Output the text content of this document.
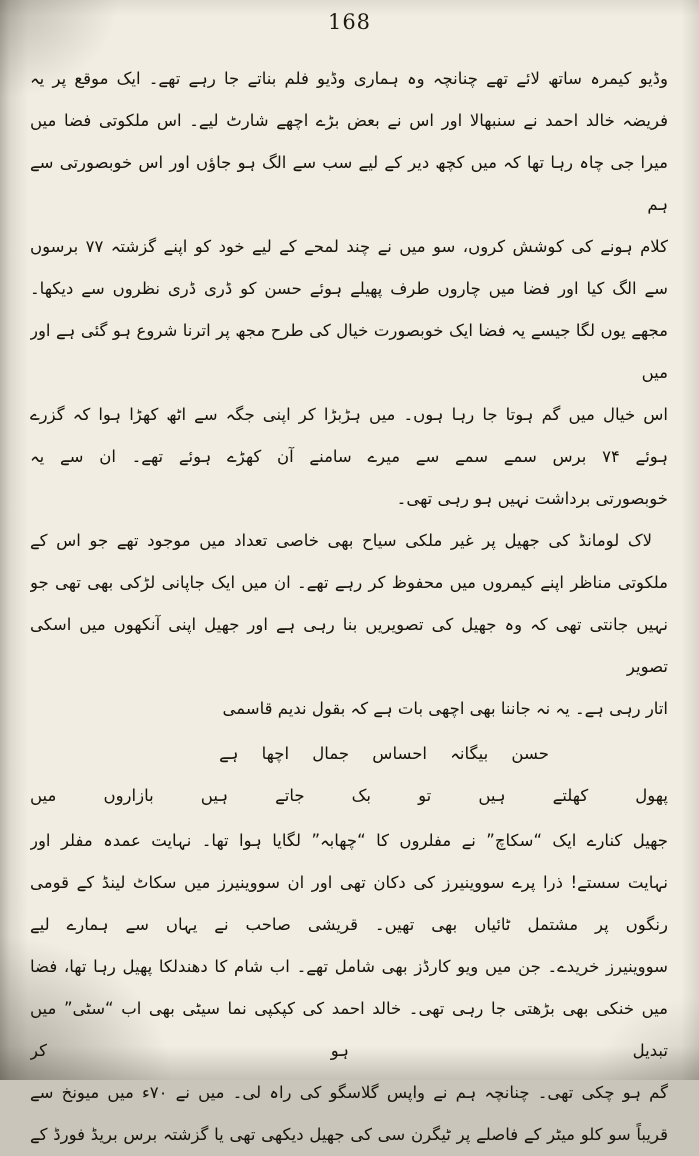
168
وڈیو کیمرہ ساتھ لائے تھے چنانچہ وہ ہماری وڈیو فلم بناتے جا رہے تھے۔ ایک موقع پر یہ
فریضہ خالد احمد نے سنبھالا اور اس نے بعض بڑے اچھے شارٹ لیے۔ اس ملکوتی فضا میں
میرا جی چاہ رہا تھا کہ میں کچھ دیر کے لیے سب سے الگ ہو جاؤں اور اس خوبصورتی سے ہم
کلام ہونے کی کوشش کروں، سو میں نے چند لمحے کے لیے خود کو اپنے گزشتہ ۷۷ برسوں
سے الگ کیا اور فضا میں چاروں طرف پھیلے ہوئے حسن کو ڈری ڈری نظروں سے دیکھا۔
مجھے یوں لگا جیسے یہ فضا ایک خوبصورت خیال کی طرح مجھ پر اترنا شروع ہو گئی ہے اور میں
اس خیال میں گم ہوتا جا رہا ہوں۔ میں ہڑبڑا کر اپنی جگہ سے اٹھ کھڑا ہوا کہ گزرے
ہوئے ۷۴ برس سمے سمے سے میرے سامنے آن کھڑے ہوئے تھے۔ ان سے یہ
خوبصورتی برداشت نہیں ہو رہی تھی۔
لاک لومانڈ کی جھیل پر غیر ملکی سیاح بھی خاصی تعداد میں موجود تھے جو اس کے
ملکوتی مناظر اپنے کیمروں میں محفوظ کر رہے تھے۔ ان میں ایک جاپانی لڑکی بھی تھی جو
نہیں جانتی تھی کہ وہ جھیل کی تصویریں بنا رہی ہے اور جھیل اپنی آنکھوں میں اسکی تصویر
اتار رہی ہے۔ یہ نہ جاننا بھی اچھی بات ہے کہ بقول ندیم قاسمی
حسن بیگانہ احساس جمال اچھا ہے
پھول کھلتے ہیں تو بک جاتے ہیں بازاروں میں
جھیل کنارے ایک “سکاچ” نے مفلروں کا “چھابہ” لگایا ہوا تھا۔ نہایت عمدہ مفلر اور
نہایت سستے! ذرا پرے سووینیرز کی دکان تھی اور ان سووینیرز میں سکاٹ لینڈ کے قومی
رنگوں پر مشتمل ٹائیاں بھی تھیں۔ قریشی صاحب نے یہاں سے ہمارے لیے
سووینیرز خریدے۔ جن میں ویو کارڈز بھی شامل تھے۔ اب شام کا دھندلکا پھیل رہا تھا، فضا
میں خنکی بھی بڑھتی جا رہی تھی۔ خالد احمد کی کپکپی نما سیٹی بھی اب “سٹی” میں تبدیل ہو کر
گم ہو چکی تھی۔ چنانچہ ہم نے واپس گلاسگو کی راہ لی۔ میں نے ۷۰ء میں میونخ سے
قریباً سو کلو میٹر کے فاصلے پر ٹیگرن سی کی جھیل دیکھی تھی یا گزشتہ برس بریڈ فورڈ کے
